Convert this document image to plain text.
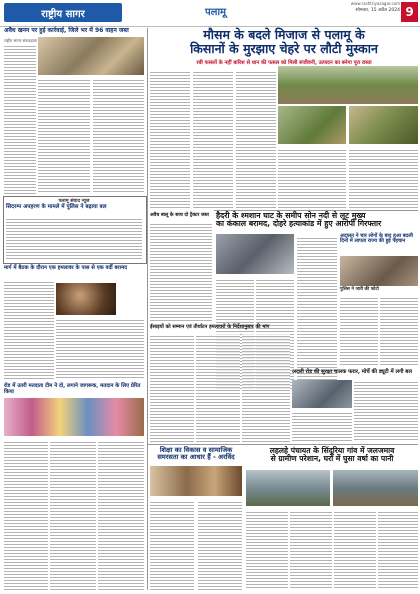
राष्ट्रीय सागर	पलामू
www.rashtriyasagar.com
सोमवार, 15 अप्रैल 2024 9
मौसम के बदले मिजाज से पलामू के
किसानों के मुरझाए चेहरे पर लौटी मुस्कान
रबी फसलों के नहीं बारिश से धान की फसल को मिली संजीवनी, उत्पादन का बनेगा पूरा रास्ता
अवैध खनन पर हुई कार्रवाई, जिले भर में 96 वाहन जब्त
राष्ट्रीय सागर संवाददाता
पलामू संवाद न्यूज
सिदरम्प अपहरण के मामले में पुलिस ने बढ़ाया बल
मार्ग में बैठक के दौरान एक हमलावर के पास से एक वर्दी बरामद
रोड में उतरी मतदाता टीम ने दो, लगाने जागरूक, मतदान के लिए प्रेरित किया
अवैध बालू के साथ दो ट्रैक्टर जब्त हैदरी के श्मशान घाट के समीप सोन नदी से लूट मुख्य
का कंकाल बरामद, दोहरे हत्याकांड में हुए आरोपी गिरफ्तार
अदालत ने चार लोगों के बाद हुआ बदली दिनों में लापता राज्य की हुई पहचान
पुलिस ने जारी की फोटो
ईसाइयों को सम्मान एवं तीर्थाटन हमलावरों के निर्देशानुसार की मांग
अदली रोड की सुरक्षा चालक फरार, मोर्चे की ड्यूटी में लगी बल
शिक्षा का विकास व सामाजिक
समरसता का आधार हैं - अरविंद
लहलहे पंचायत के सिंदूरिया गांव में जलजमाव
से ग्रामीण परेशान, घरों में घुसा वर्षा का पानी
